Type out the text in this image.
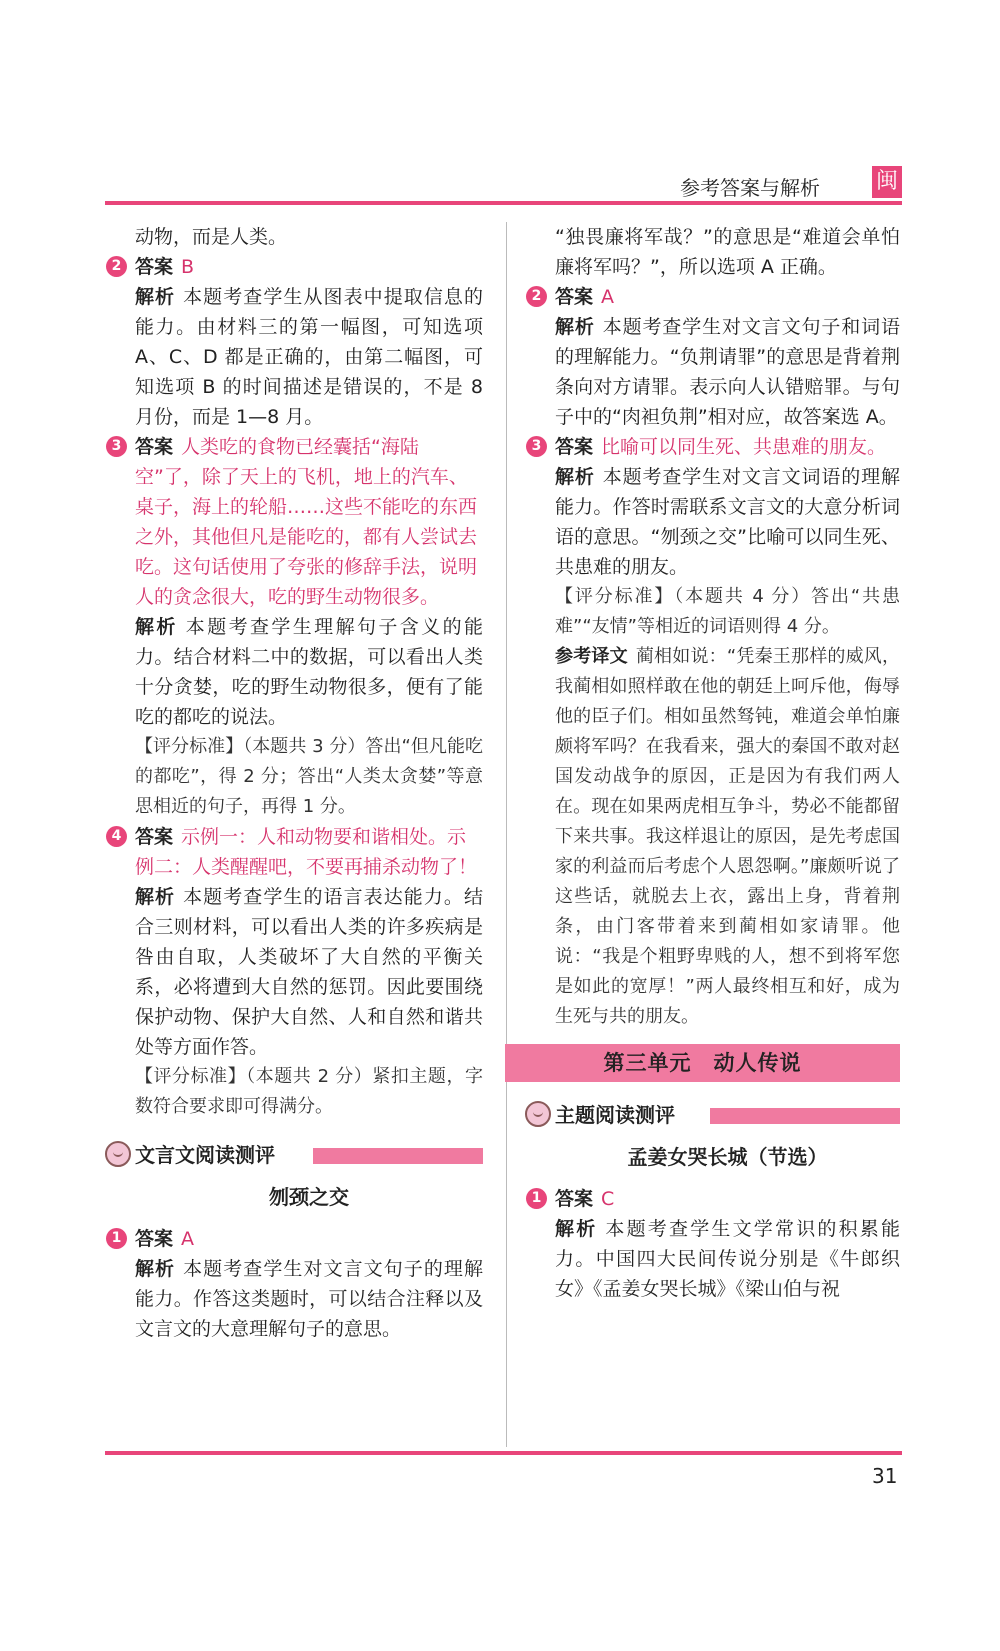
参考答案与解析	闽

动物，而是人类。

2 答案 B

解析 本题考查学生从图表中提取信息的能力。由材料三的第一幅图，可知选项 A、C、D 都是正确的，由第二幅图，可知选项 B 的时间描述是错误的，不是 8 月份，而是 1—8 月。

3 答案 人类吃的食物已经囊括“海陆空”了，除了天上的飞机，地上的汽车、桌子，海上的轮船……这些不能吃的东西之外，其他但凡是能吃的，都有人尝试去吃。这句话使用了夸张的修辞手法，说明人的贪念很大，吃的野生动物很多。

解析 本题考查学生理解句子含义的能力。结合材料二中的数据，可以看出人类十分贪婪，吃的野生动物很多，便有了能吃的都吃的说法。

【评分标准】（本题共 3 分）答出“但凡能吃的都吃”，得 2 分；答出“人类太贪婪”等意思相近的句子，再得 1 分。

4 答案 示例一：人和动物要和谐相处。示例二：人类醒醒吧，不要再捕杀动物了！

解析 本题考查学生的语言表达能力。结合三则材料，可以看出人类的许多疾病是咎由自取，人类破坏了大自然的平衡关系，必将遭到大自然的惩罚。因此要围绕保护动物、保护大自然、人和自然和谐共处等方面作答。

【评分标准】（本题共 2 分）紧扣主题，字数符合要求即可得满分。

文言文阅读测评
刎颈之交

1 答案 A

解析 本题考查学生对文言文句子的理解能力。作答这类题时，可以结合注释以及文言文的大意理解句子的意思。

“独畏廉将军哉？”的意思是“难道会单怕廉将军吗？”，所以选项 A 正确。

2 答案 A

解析 本题考查学生对文言文句子和词语的理解能力。“负荆请罪”的意思是背着荆条向对方请罪。表示向人认错赔罪。与句子中的“肉袒负荆”相对应，故答案选 A。

3 答案 比喻可以同生死、共患难的朋友。

解析 本题考查学生对文言文词语的理解能力。作答时需联系文言文的大意分析词语的意思。“刎颈之交”比喻可以同生死、共患难的朋友。

【评分标准】（本题共 4 分）答出“共患难”“友情”等相近的词语则得 4 分。

参考译文 蔺相如说：“凭秦王那样的威风，我蔺相如照样敢在他的朝廷上呵斥他，侮辱他的臣子们。相如虽然驽钝，难道会单怕廉颇将军吗？在我看来，强大的秦国不敢对赵国发动战争的原因，正是因为有我们两人在。现在如果两虎相互争斗，势必不能都留下来共事。我这样退让的原因，是先考虑国家的利益而后考虑个人恩怨啊。”廉颇听说了这些话，就脱去上衣，露出上身，背着荆条，由门客带着来到蔺相如家请罪。他说：“我是个粗野卑贱的人，想不到将军您是如此的宽厚！”两人最终相互和好，成为生死与共的朋友。

第三单元　动人传说
主题阅读测评
孟姜女哭长城（节选）

1 答案 C

解析 本题考查学生文学常识的积累能力。中国四大民间传说分别是《牛郎织女》《孟姜女哭长城》《梁山伯与祝

31
